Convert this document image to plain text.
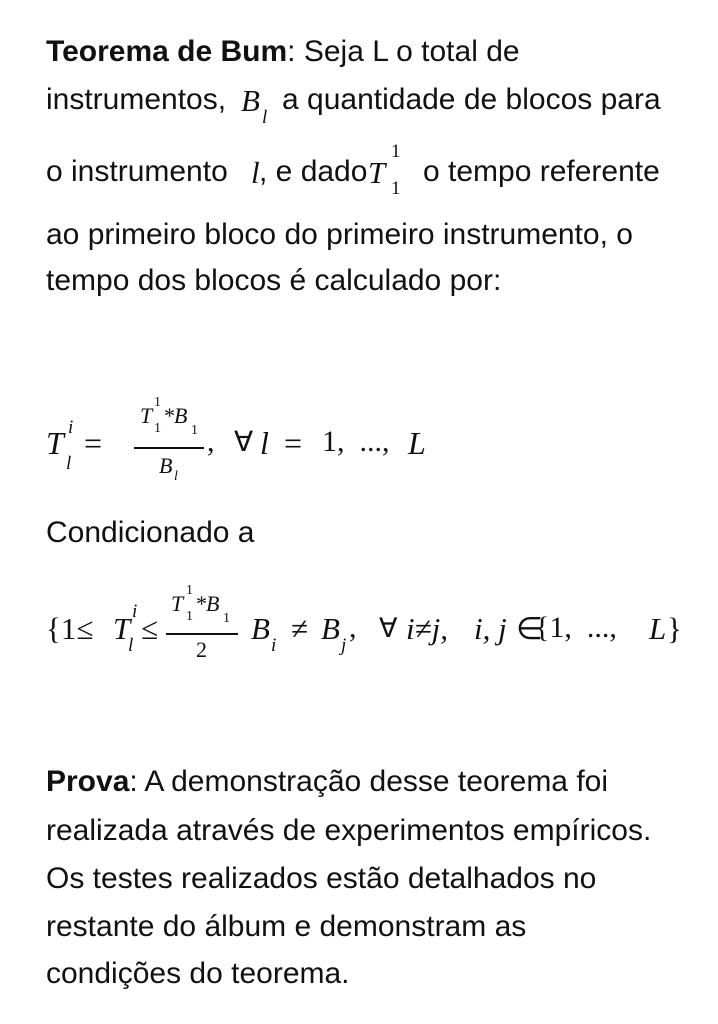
Teorema de Bum: Seja L o total de
instrumentos, B l
a quantidade de blocos para
o instrumento l , e dado T
1
1
o tempo referente
ao primeiro bloco do primeiro instrumento, o
tempo dos blocos é calculado por:
T i
l
=
T
1
1
*B
1
B l
, ∀ l = 1,  ..., L
Condicionado a
{1≤ T i
l ≤
T
1
1
*B
1
2
B i ≠ B j
, ∀ i≠j, i, j ∈
{1,  ..., L }
Prova: A demonstração desse teorema foi
realizada através de experimentos empíricos.
Os testes realizados estão detalhados no
restante do álbum e demonstram as
condições do teorema.
